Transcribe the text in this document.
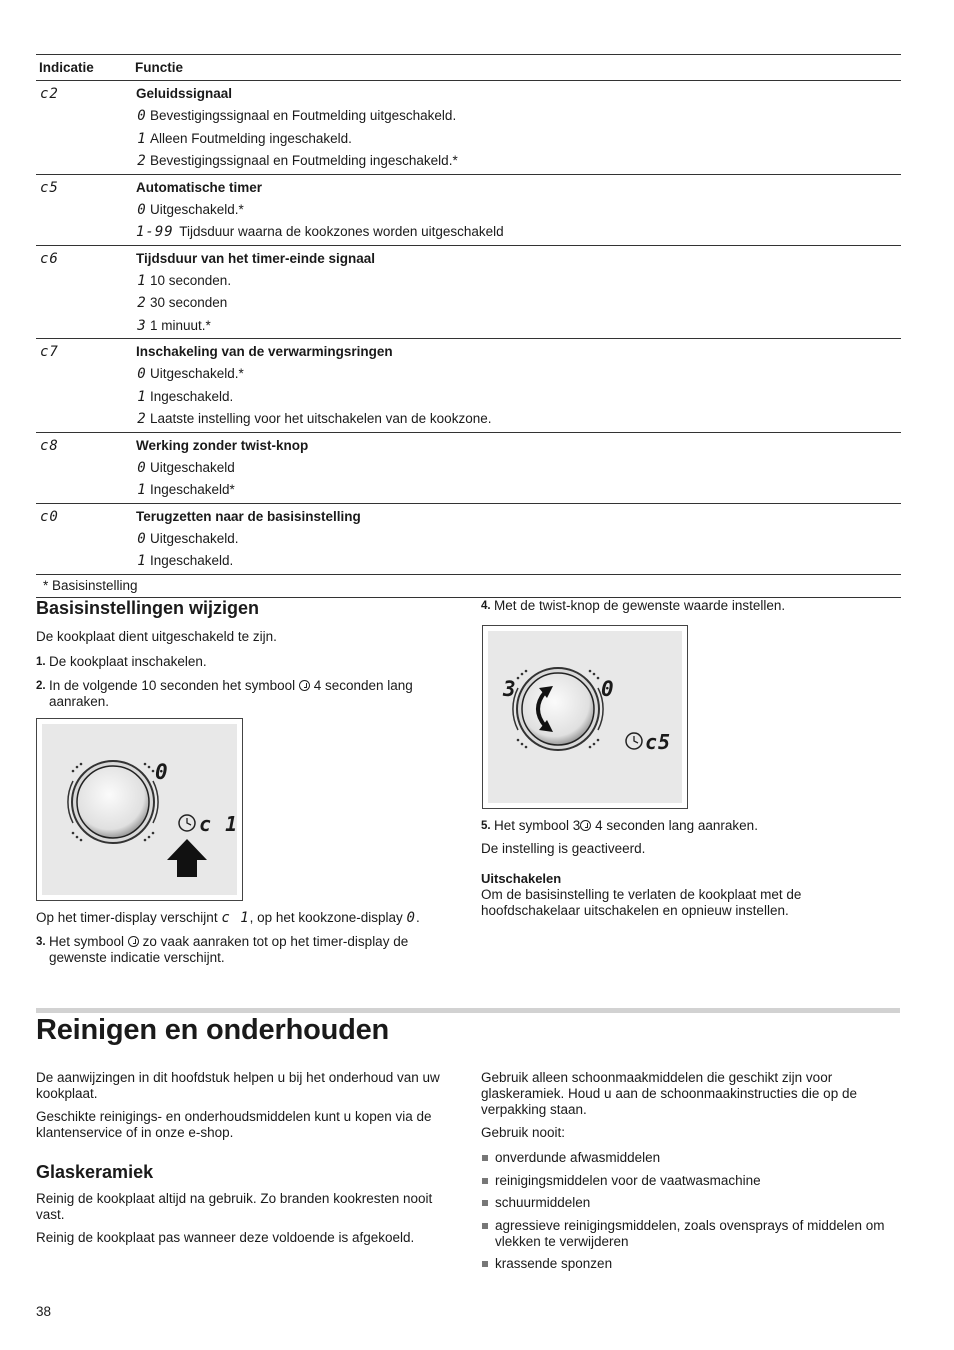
Indicatie	Functie
c2	Geluidssignaal
0 Bevestigingssignaal en Foutmelding uitgeschakeld.
1 Alleen Foutmelding ingeschakeld.
2 Bevestigingssignaal en Foutmelding ingeschakeld.*
c5	Automatische timer
0 Uitgeschakeld.*
1-99 Tijdsduur waarna de kookzones worden uitgeschakeld
c6	Tijdsduur van het timer-einde signaal
1 10 seconden.
2 30 seconden
3 1 minuut.*
c7	Inschakeling van de verwarmingsringen
0 Uitgeschakeld.*
1 Ingeschakeld.
2 Laatste instelling voor het uitschakelen van de kookzone.
c8	Werking zonder twist-knop
0 Uitgeschakeld
1 Ingeschakeld*
c0	Terugzetten naar de basisinstelling
0 Uitgeschakeld.
1 Ingeschakeld.
* Basisinstelling
Basisinstellingen wijzigen

De kookplaat dient uitgeschakeld te zijn.

1. De kookplaat inschakelen.
2. In de volgende 10 seconden het symbool 4 seconden lang aanraken.
0
c 1

Op het timer-display verschijnt c 1, op het kookzone-display 0.

3. Het symbool zo vaak aanraken tot op het timer-display de gewenste indicatie verschijnt.
4. Met de twist-knop de gewenste waarde instellen.
3	0
c5
5. Het symbool 3 4 seconden lang aanraken.

De instelling is geactiveerd.

Uitschakelen

Om de basisinstelling te verlaten de kookplaat met de hoofdschakelaar uitschakelen en opnieuw instellen.

Reinigen en onderhouden

De aanwijzingen in dit hoofdstuk helpen u bij het onderhoud van uw kookplaat.

Geschikte reinigings- en onderhoudsmiddelen kunt u kopen via de klantenservice of in onze e-shop.

Glaskeramiek

Reinig de kookplaat altijd na gebruik. Zo branden kookresten nooit vast.

Reinig de kookplaat pas wanneer deze voldoende is afgekoeld.

Gebruik alleen schoonmaakmiddelen die geschikt zijn voor glaskeramiek. Houd u aan de schoonmaakinstructies die op de verpakking staan.

Gebruik nooit:

onverdunde afwasmiddelen
reinigingsmiddelen voor de vaatwasmachine
schuurmiddelen
agressieve reinigingsmiddelen, zoals ovensprays of middelen om vlekken te verwijderen
krassende sponzen
38
